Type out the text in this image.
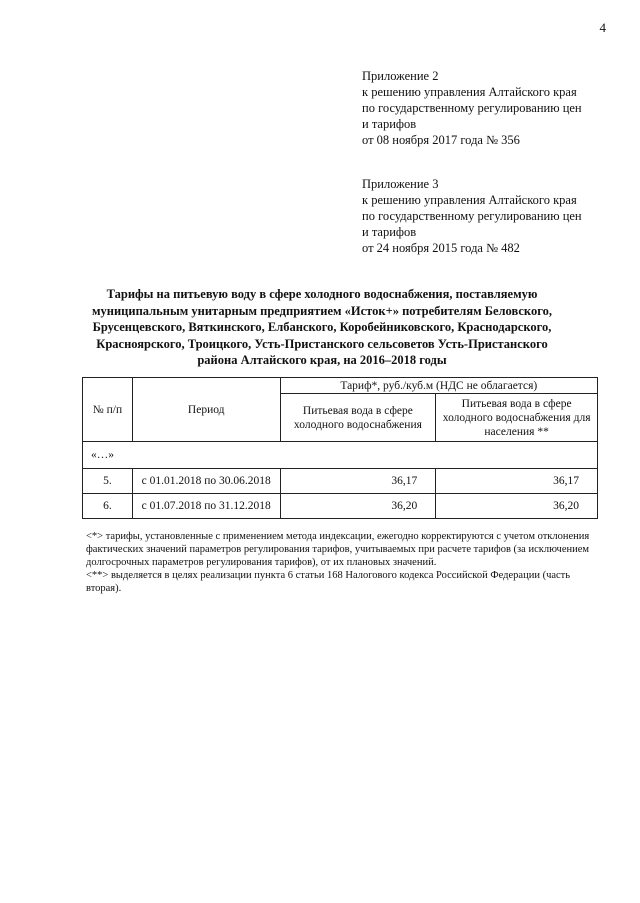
4
Приложение 2
к решению управления Алтайского края
по государственному регулированию цен
и тарифов
от 08 ноября 2017 года № 356
Приложение 3
к решению управления Алтайского края
по государственному регулированию цен
и тарифов
от 24 ноября 2015 года № 482
Тарифы на питьевую воду в сфере холодного водоснабжения, поставляемую
муниципальным унитарным предприятием «Исток+» потребителям Беловского,
Брусенцевского, Вяткинского, Елбанского, Коробейниковского, Краснодарского,
Красноярского, Троицкого, Усть-Пристанского сельсоветов Усть-Пристанского
района Алтайского края, на 2016–2018 годы
№ п/п	Период	Тариф*, руб./куб.м (НДС не облагается)	
		Питьевая вода в сфере холодного водоснабжения	Питьевая вода в сфере холодного водоснабжения для населения **
«…»			
5.	с 01.01.2018 по 30.06.2018	36,17	36,17
6.	с 01.07.2018 по 31.12.2018	36,20	36,20

<*> тарифы, установленные с применением метода индексации, ежегодно корректируются с учетом отклонения фактических значений параметров регулирования тарифов, учитываемых при расчете тарифов (за исключением долгосрочных параметров регулирования тарифов), от их плановых значений.

<**> выделяется в целях реализации пункта 6 статьи 168 Налогового кодекса Российской Федерации (часть вторая).
